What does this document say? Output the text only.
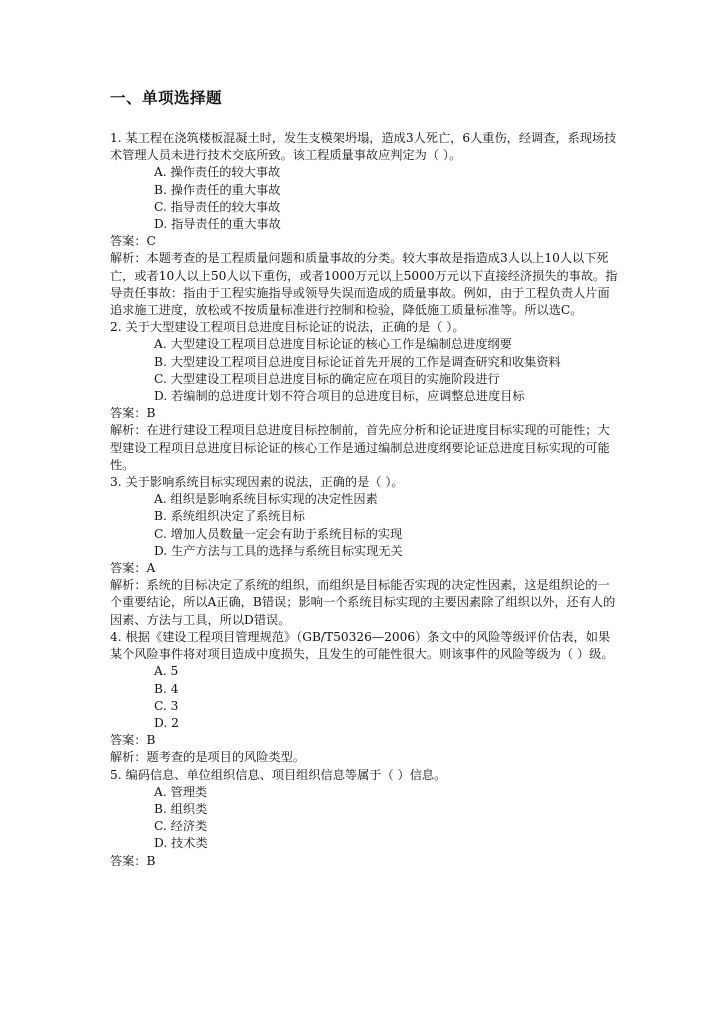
一、单项选择题
1. 某工程在浇筑楼板混凝土时，发生支模架坍塌，造成3人死亡，6人重伤，经调查，系现场技术管理人员未进行技术交底所致。该工程质量事故应判定为（ ）。
A. 操作责任的较大事故
B. 操作责任的重大事故
C. 指导责任的较大事故
D. 指导责任的重大事故
答案：C
解析：本题考查的是工程质量问题和质量事故的分类。较大事故是指造成3人以上10人以下死亡，或者10人以上50人以下重伤，或者1000万元以上5000万元以下直接经济损失的事故。指导责任事故：指由于工程实施指导或领导失误而造成的质量事故。例如，由于工程负责人片面追求施工进度，放松或不按质量标准进行控制和检验，降低施工质量标准等。所以选C。
2. 关于大型建设工程项目总进度目标论证的说法，正确的是（ ）。
A. 大型建设工程项目总进度目标论证的核心工作是编制总进度纲要
B. 大型建设工程项目总进度目标论证首先开展的工作是调查研究和收集资料
C. 大型建设工程项目总进度目标的确定应在项目的实施阶段进行
D. 若编制的总进度计划不符合项目的总进度目标，应调整总进度目标
答案：B
解析：在进行建设工程项目总进度目标控制前，首先应分析和论证进度目标实现的可能性；大型建设工程项目总进度目标论证的核心工作是通过编制总进度纲要论证总进度目标实现的可能性。
3. 关于影响系统目标实现因素的说法，正确的是（ ）。
A. 组织是影响系统目标实现的决定性因素
B. 系统组织决定了系统目标
C. 增加人员数量一定会有助于系统目标的实现
D. 生产方法与工具的选择与系统目标实现无关
答案：A
解析：系统的目标决定了系统的组织，而组织是目标能否实现的决定性因素，这是组织论的一个重要结论，所以A正确，B错误；影响一个系统目标实现的主要因素除了组织以外，还有人的因素、方法与工具，所以D错误。
4. 根据《建设工程项目管理规范》（GB/T50326—2006）条文中的风险等级评价估表，如果某个风险事件将对项目造成中度损失，且发生的可能性很大。则该事件的风险等级为（ ）级。
A. 5
B. 4
C. 3
D. 2
答案：B
解析：题考查的是项目的风险类型。
5. 编码信息、单位组织信息、项目组织信息等属于（ ）信息。
A. 管理类
B. 组织类
C. 经济类
D. 技术类
答案：B
